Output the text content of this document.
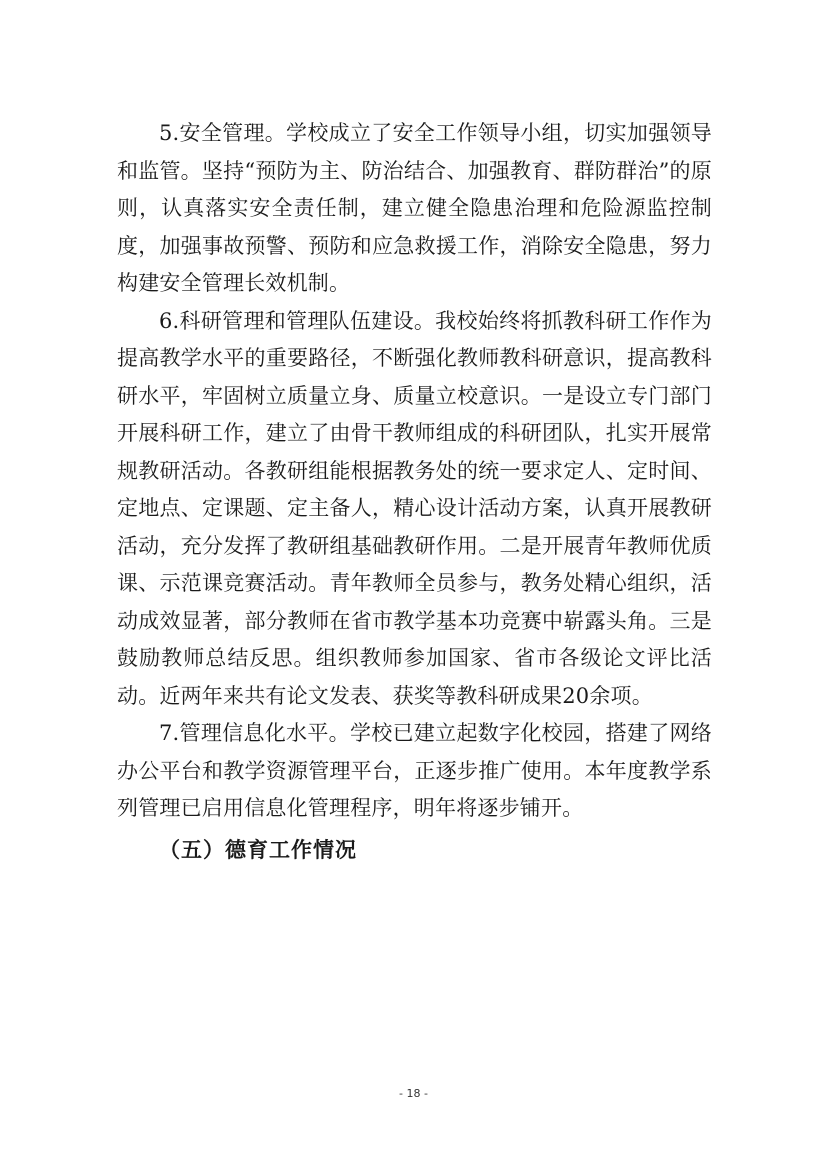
5.安全管理。学校成立了安全工作领导小组，切实加强领导和监管。坚持“预防为主、防治结合、加强教育、群防群治”的原则，认真落实安全责任制，建立健全隐患治理和危险源监控制度，加强事故预警、预防和应急救援工作，消除安全隐患，努力构建安全管理长效机制。

6.科研管理和管理队伍建设。我校始终将抓教科研工作作为提高教学水平的重要路径，不断强化教师教科研意识，提高教科研水平，牢固树立质量立身、质量立校意识。一是设立专门部门开展科研工作，建立了由骨干教师组成的科研团队，扎实开展常规教研活动。各教研组能根据教务处的统一要求定人、定时间、定地点、定课题、定主备人，精心设计活动方案，认真开展教研活动，充分发挥了教研组基础教研作用。二是开展青年教师优质课、示范课竞赛活动。青年教师全员参与，教务处精心组织，活动成效显著，部分教师在省市教学基本功竞赛中崭露头角。三是鼓励教师总结反思。组织教师参加国家、省市各级论文评比活动。近两年来共有论文发表、获奖等教科研成果20余项。

7.管理信息化水平。学校已建立起数字化校园，搭建了网络办公平台和教学资源管理平台，正逐步推广使用。本年度教学系列管理已启用信息化管理程序，明年将逐步铺开。

（五）德育工作情况

- 18 -
